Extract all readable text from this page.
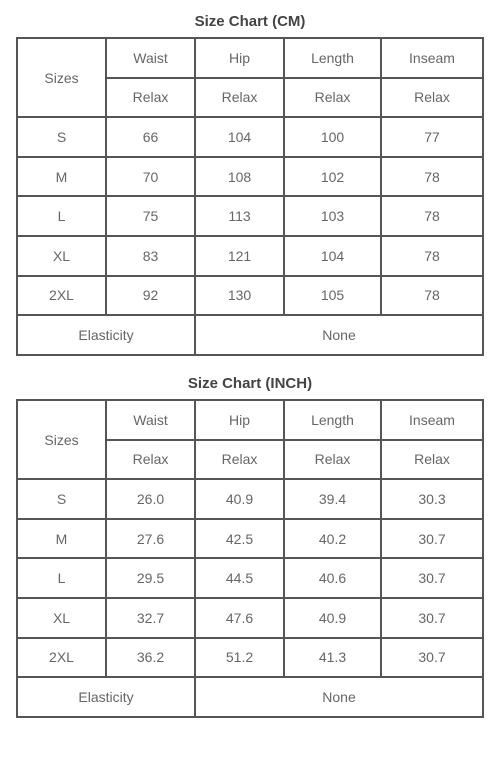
Size Chart (CM)
Sizes	Waist	Hip	Length	Inseam
	Relax	Relax	Relax	Relax
S	66	104	100	77
M	70	108	102	78
L	75	113	103	78
XL	83	121	104	78
2XL	92	130	105	78
Elasticity		None		
Size Chart (INCH)
Sizes	Waist	Hip	Length	Inseam
	Relax	Relax	Relax	Relax
S	26.0	40.9	39.4	30.3
M	27.6	42.5	40.2	30.7
L	29.5	44.5	40.6	30.7
XL	32.7	47.6	40.9	30.7
2XL	36.2	51.2	41.3	30.7
Elasticity		None		
